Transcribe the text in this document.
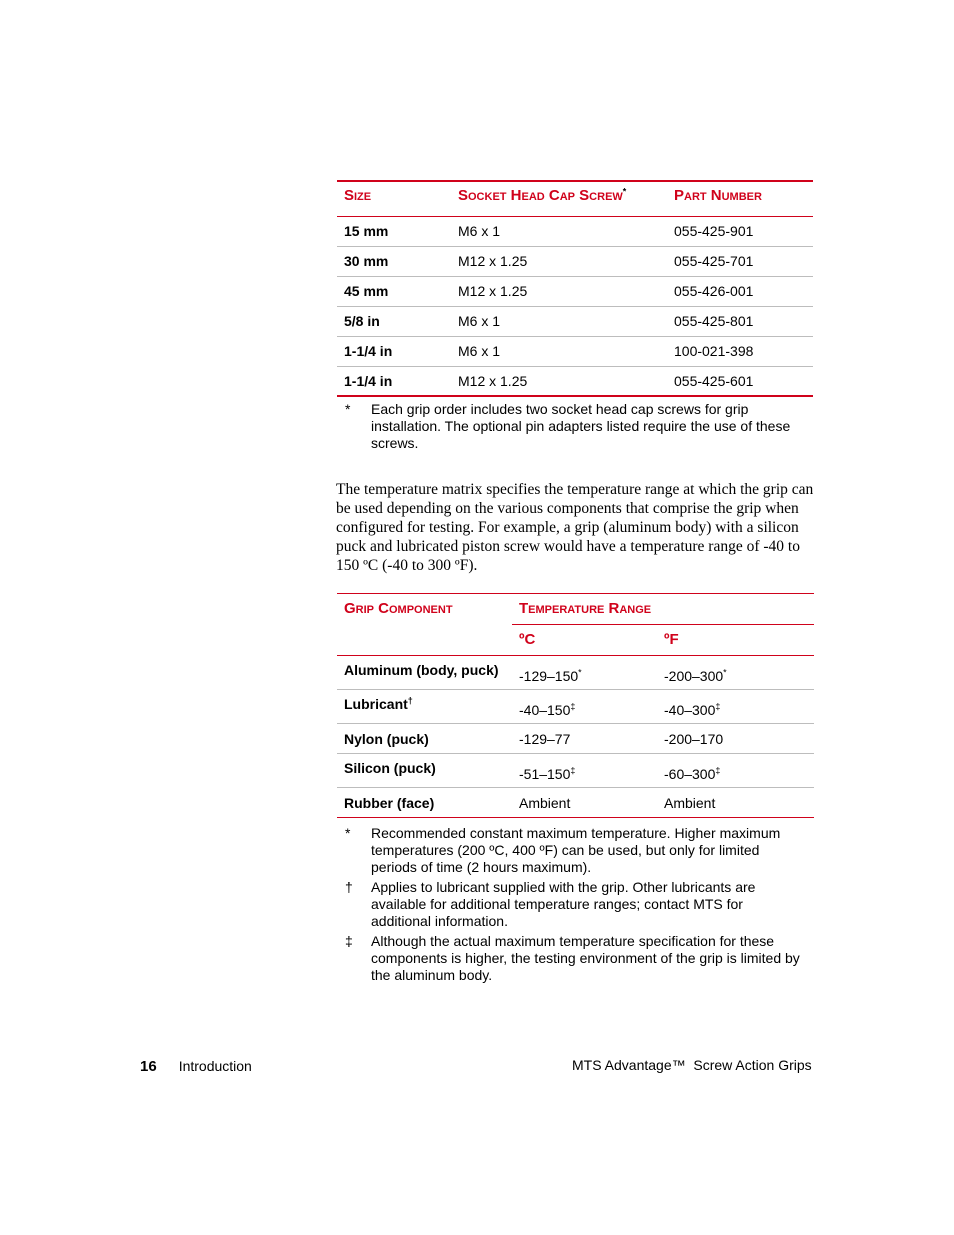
Size	Socket Head Cap Screw*	Part Number
15 mm	M6 x 1	055-425-901
30 mm	M12 x 1.25	055-425-701
45 mm	M12 x 1.25	055-426-001
5/8 in	M6 x 1	055-425-801
1-1/4 in	M6 x 1	100-021-398
1-1/4 in	M12 x 1.25	055-425-601
*	Each grip order includes two socket head cap screws for grip installation. The optional pin adapters listed require the use of these screws.

The temperature matrix specifies the temperature range at which the grip can be used depending on the various components that comprise the grip when configured for testing. For example, a grip (aluminum body) with a silicon puck and lubricated piston screw would have a temperature range of -40 to 150 ºC (-40 to 300 ºF).

Grip Component	Temperature Range	
	ºC	ºF
Aluminum (body, puck)	-129–150*	-200–300*
Lubricant†	-40–150‡	-40–300‡
Nylon (puck)	-129–77	-200–170
Silicon (puck)	-51–150‡	-60–300‡
Rubber (face)	Ambient	Ambient
*	Recommended constant maximum temperature. Higher maximum temperatures (200 ºC, 400 ºF) can be used, but only for limited periods of time (2 hours maximum).
†	Applies to lubricant supplied with the grip. Other lubricants are available for additional temperature ranges; contact MTS for additional information.
‡	Although the actual maximum temperature specification for these components is higher, the testing environment of the grip is limited by the aluminum body.
16 Introduction	MTS Advantage™  Screw Action Grips
